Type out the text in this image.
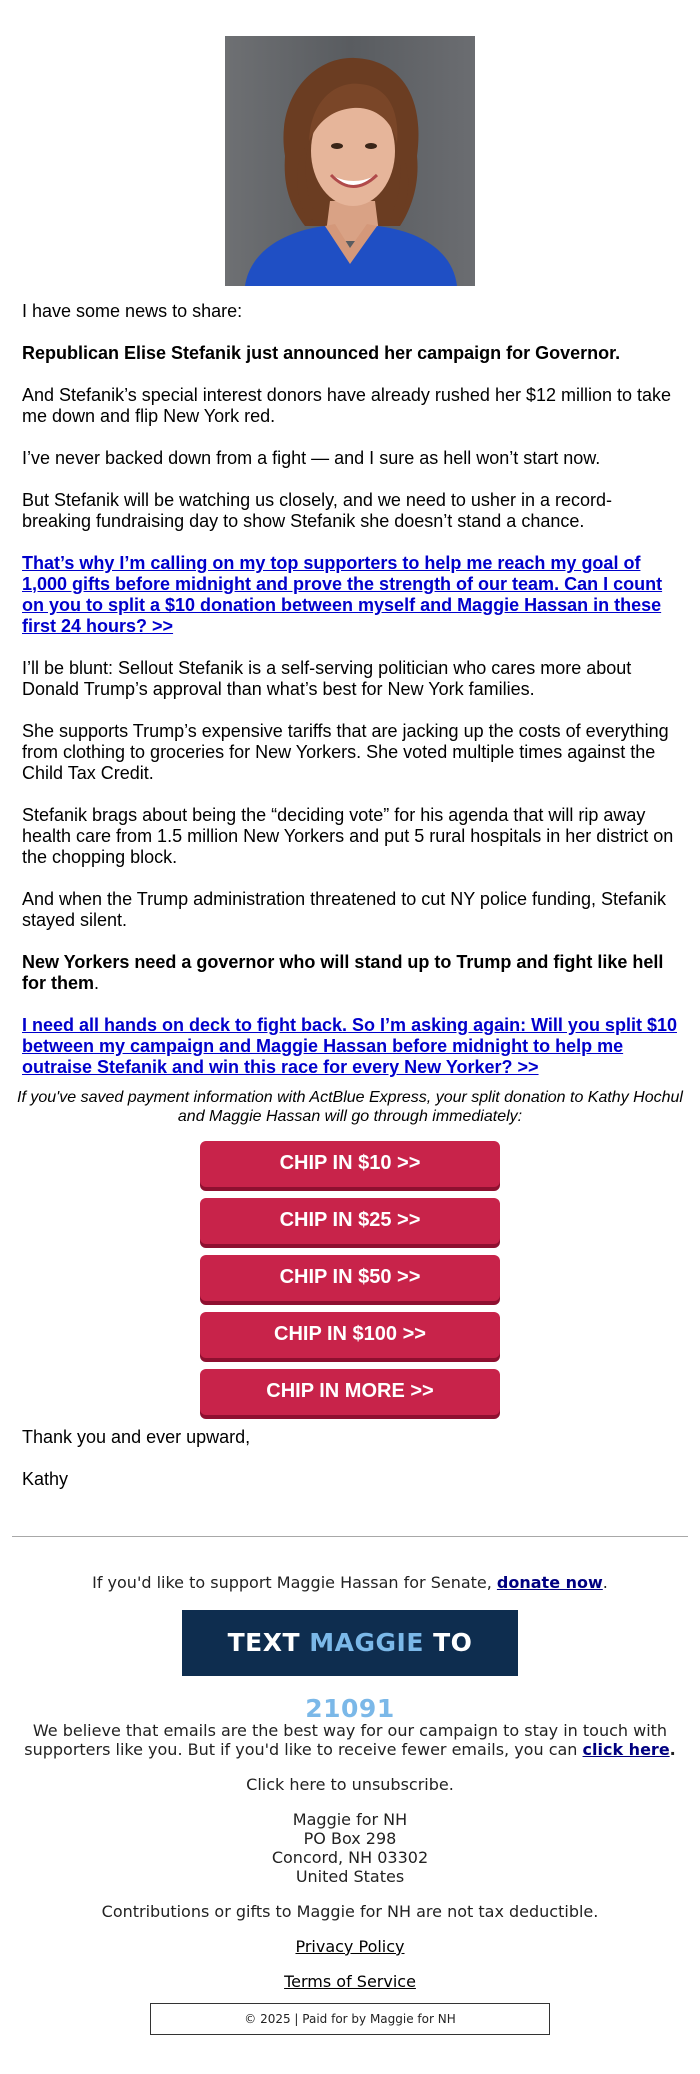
I have some news to share:

Republican Elise Stefanik just announced her campaign for Governor.

And Stefanik’s special interest donors have already rushed her $12 million to take me down and flip New York red.

I’ve never backed down from a fight — and I sure as hell won’t start now.

But Stefanik will be watching us closely, and we need to usher in a record-breaking fundraising day to show Stefanik she doesn’t stand a chance.

That’s why I’m calling on my top supporters to help me reach my goal of 1,000 gifts before midnight and prove the strength of our team. Can I count on you to split a $10 donation between myself and Maggie Hassan in these first 24 hours? >>

I’ll be blunt: Sellout Stefanik is a self-serving politician who cares more about Donald Trump’s approval than what’s best for New York families.

She supports Trump’s expensive tariffs that are jacking up the costs of everything from clothing to groceries for New Yorkers. She voted multiple times against the Child Tax Credit.

Stefanik brags about being the “deciding vote” for his agenda that will rip away health care from 1.5 million New Yorkers and put 5 rural hospitals in her district on the chopping block.

And when the Trump administration threatened to cut NY police funding, Stefanik stayed silent.

New Yorkers need a governor who will stand up to Trump and fight like hell for them.

I need all hands on deck to fight back. So I’m asking again: Will you split $10 between my campaign and Maggie Hassan before midnight to help me outraise Stefanik and win this race for every New Yorker? >>

If you've saved payment information with ActBlue Express, your split donation to Kathy Hochul and Maggie Hassan will go through immediately:

CHIP IN $10 >>
CHIP IN $25 >>
CHIP IN $50 >>
CHIP IN $100 >>
CHIP IN MORE >>

Thank you and ever upward,

Kathy

If you'd like to support Maggie Hassan for Senate, donate now.

TEXT MAGGIE TO 21091

We believe that emails are the best way for our campaign to stay in touch with supporters like you. But if you'd like to receive fewer emails, you can click here.

Click here to unsubscribe.

Maggie for NH
PO Box 298
Concord, NH 03302
United States

Contributions or gifts to Maggie for NH are not tax deductible.

Privacy Policy

Terms of Service

© 2025 | Paid for by Maggie for NH
